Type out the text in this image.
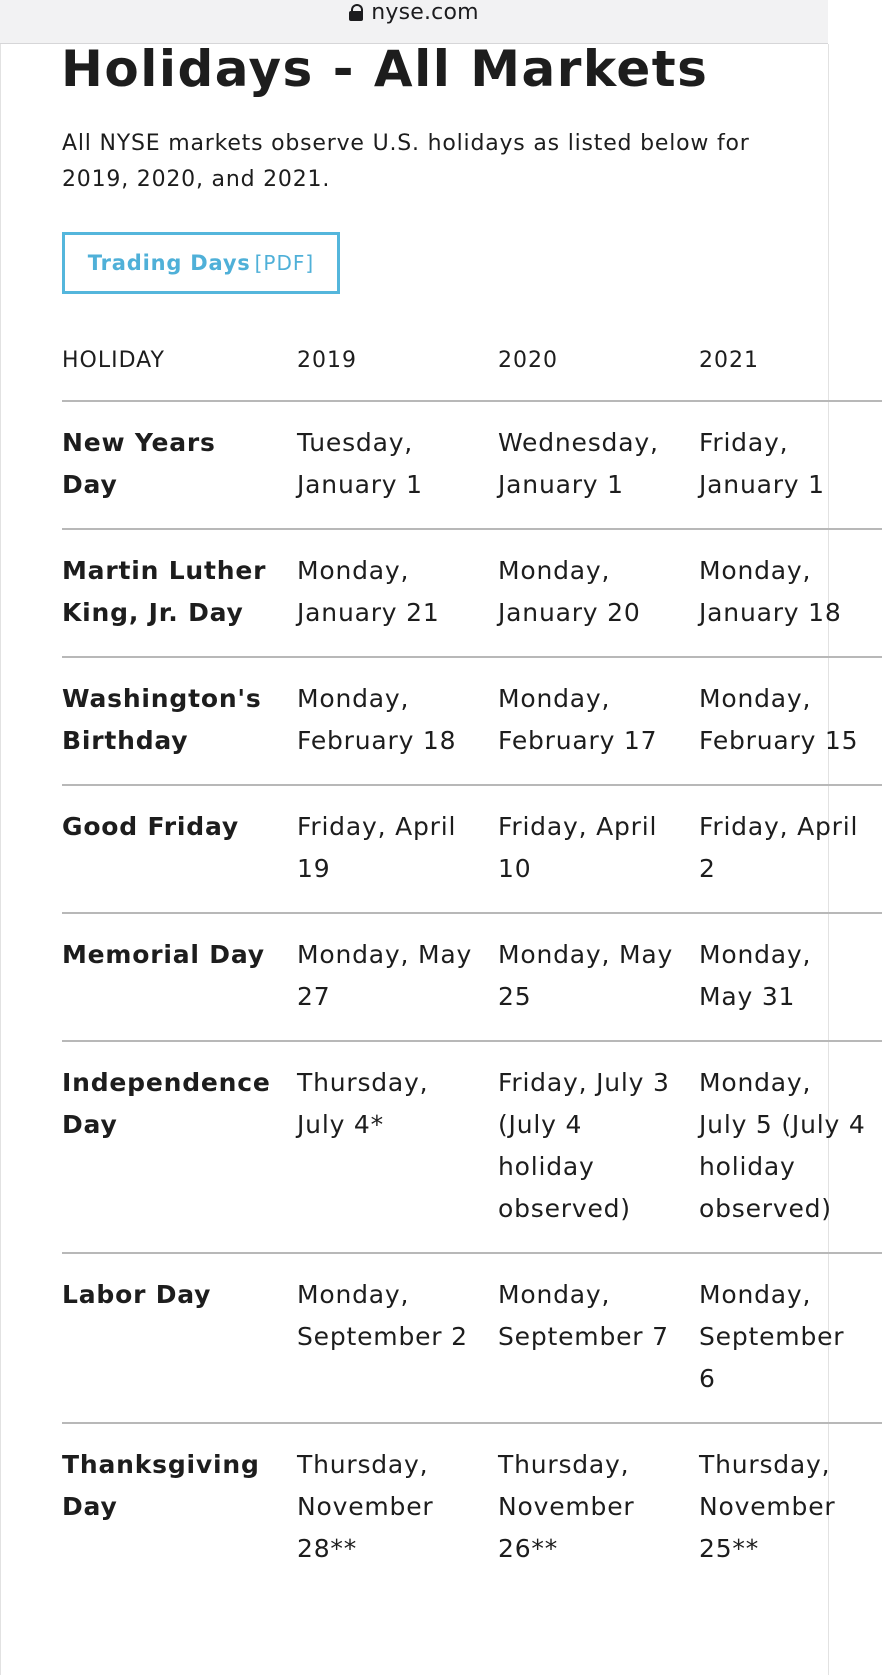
nyse.com
Holidays - All Markets

All NYSE markets observe U.S. holidays as listed below for 2019, 2020, and 2021.

Trading Days [PDF]
HOLIDAY	2019	2020	2021
New Years Day	Tuesday, January 1	Wednesday, January 1	Friday, January 1
Martin Luther King, Jr. Day	Monday, January 21	Monday, January 20	Monday, January 18
Washington's Birthday	Monday, February 18	Monday, February 17	Monday, February 15
Good Friday	Friday, April 19	Friday, April 10	Friday, April 2
Memorial Day	Monday, May 27	Monday, May 25	Monday, May 31
Independence Day	Thursday, July 4*	Friday, July 3 (July 4 holiday observed)	Monday, July 5 (July 4 holiday observed)
Labor Day	Monday, September 2	Monday, September 7	Monday, September 6
Thanksgiving Day	Thursday, November 28**	Thursday, November 26**	Thursday, November 25**
